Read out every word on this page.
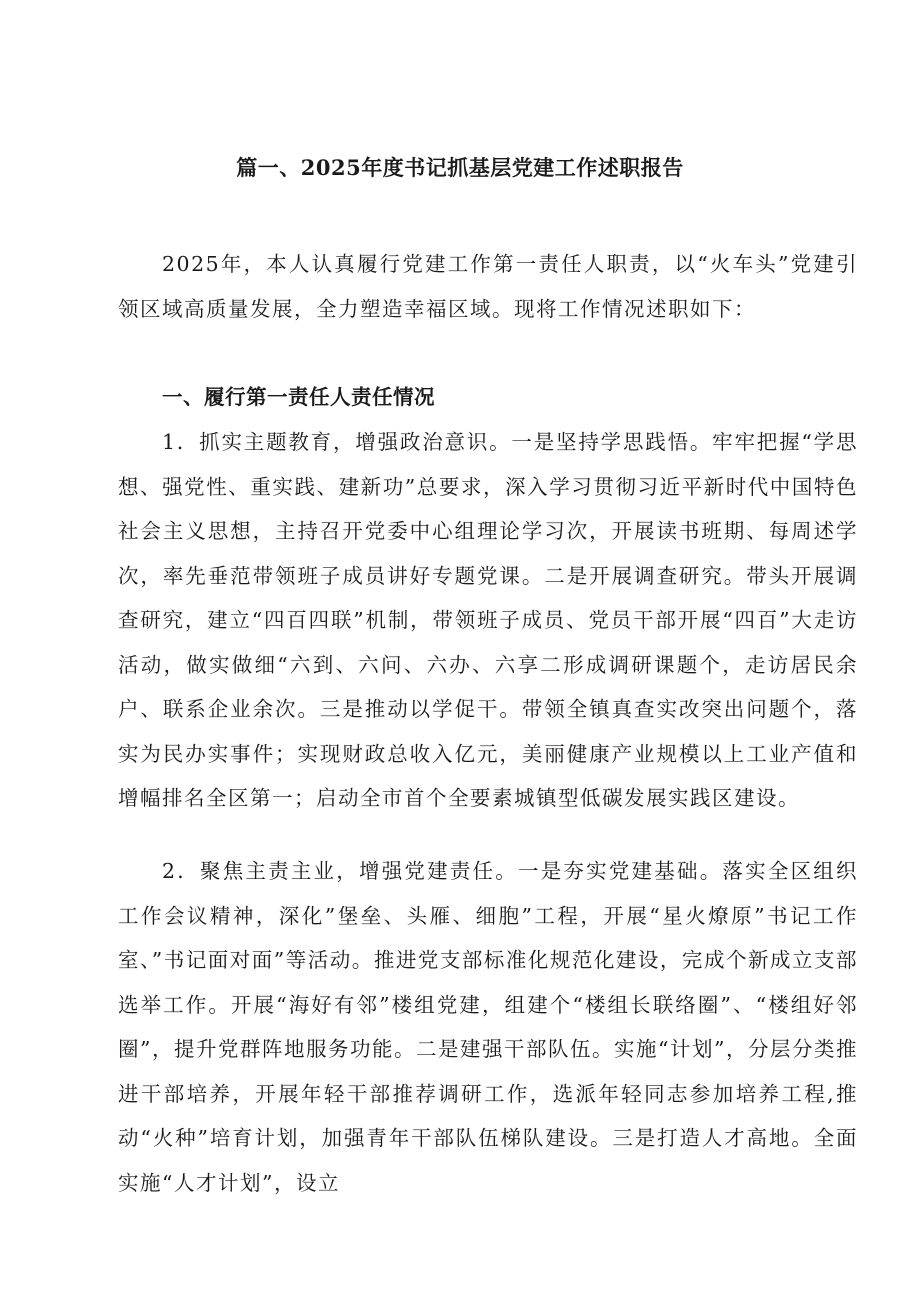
篇一、2025年度书记抓基层党建工作述职报告

2025年，本人认真履行党建工作第一责任人职责，以“火车头”党建引领区域高质量发展，全力塑造幸福区域。现将工作情况述职如下：

一、履行第一责任人责任情况

1．抓实主题教育，增强政治意识。一是坚持学思践悟。牢牢把握“学思想、强党性、重实践、建新功”总要求，深入学习贯彻习近平新时代中国特色社会主义思想，主持召开党委中心组理论学习次，开展读书班期、每周述学次，率先垂范带领班子成员讲好专题党课。二是开展调查研究。带头开展调查研究，建立“四百四联”机制，带领班子成员、党员干部开展“四百”大走访活动，做实做细“六到、六问、六办、六享二形成调研课题个，走访居民余户、联系企业余次。三是推动以学促干。带领全镇真查实改突出问题个，落实为民办实事件；实现财政总收入亿元，美丽健康产业规模以上工业产值和增幅排名全区第一；启动全市首个全要素城镇型低碳发展实践区建设。

2．聚焦主责主业，增强党建责任。一是夯实党建基础。落实全区组织工作会议精神，深化”堡垒、头雁、细胞”工程，开展“星火燎原”书记工作室、”书记面对面”等活动。推进党支部标准化规范化建设，完成个新成立支部选举工作。开展“海好有邻”楼组党建，组建个“楼组长联络圈”、“楼组好邻圈”，提升党群阵地服务功能。二是建强干部队伍。实施“计划”，分层分类推进干部培养，开展年轻干部推荐调研工作，选派年轻同志参加培养工程,推动“火种”培育计划，加强青年干部队伍梯队建设。三是打造人才高地。全面实施“人才计划”，设立
